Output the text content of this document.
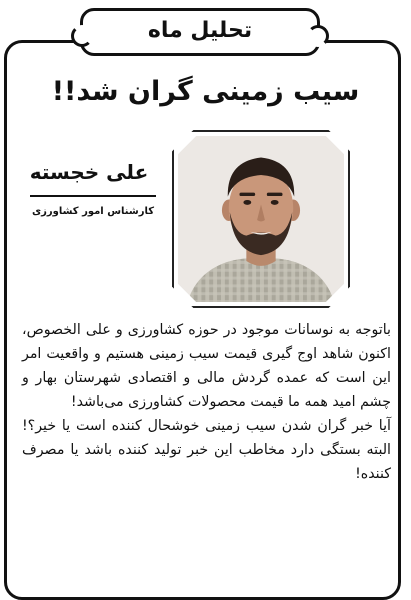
تحلیل ماه
سیب زمینی گران شد!!
علی خجسته
کارشناس امور کشاورزی

باتوجه به نوسانات موجود در حوزه کشاورزی و علی الخصوص، اکنون شاهد اوج گیری قیمت سیب زمینی هستیم و واقعیت امر این است که عمده گردش مالی و اقتصادی شهرستان بهار و چشم امید همه ما قیمت محصولات کشاورزی می‌باشد!

آیا خبر گران شدن سیب زمینی خوشحال کننده است یا خیر؟! البته بستگی دارد مخاطب این خبر تولید کننده باشد یا مصرف کننده!
